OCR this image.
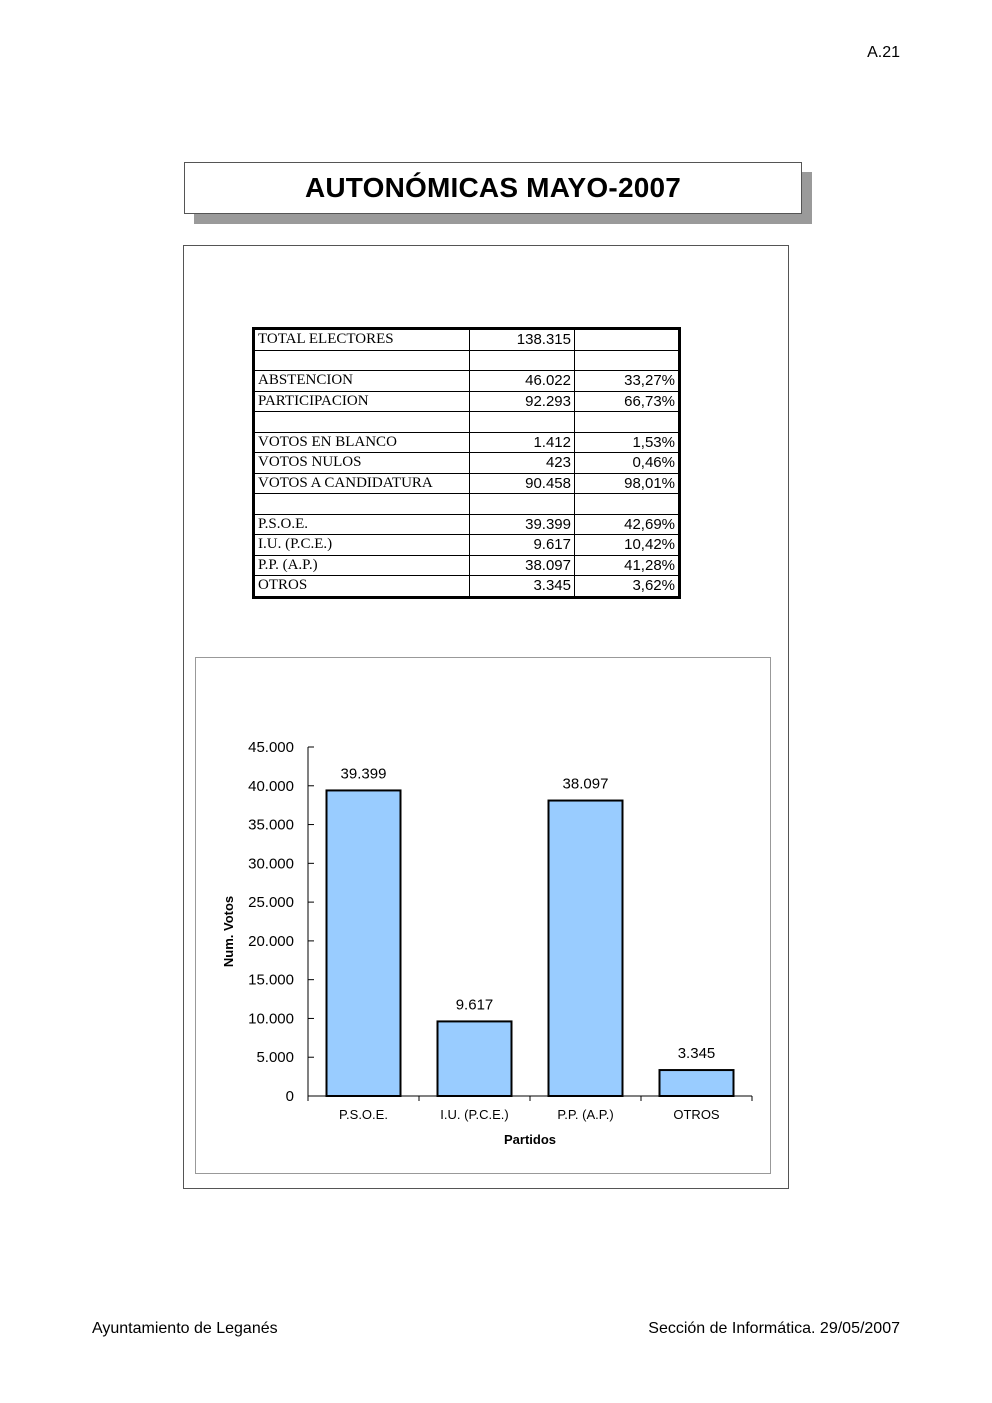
A.21
AUTONÓMICAS MAYO-2007
TOTAL ELECTORES	138.315	

ABSTENCION	46.022	33,27%
PARTICIPACION	92.293	66,73%

VOTOS EN BLANCO	1.412	1,53%
VOTOS NULOS	423	0,46%
VOTOS A CANDIDATURA	90.458	98,01%

P.S.O.E.	39.399	42,69%
I.U. (P.C.E.)	9.617	10,42%
P.P. (A.P.)	38.097	41,28%
OTROS	3.345	3,62%
0
5.000
10.000
15.000
20.000
25.000
30.000
35.000
40.000
45.000
39.399
P.S.O.E.
9.617
I.U. (P.C.E.)
38.097
P.P. (A.P.)
3.345
OTROS
Partidos
Num. Votos
Ayuntamiento de Leganés	Sección de Informática. 29/05/2007
